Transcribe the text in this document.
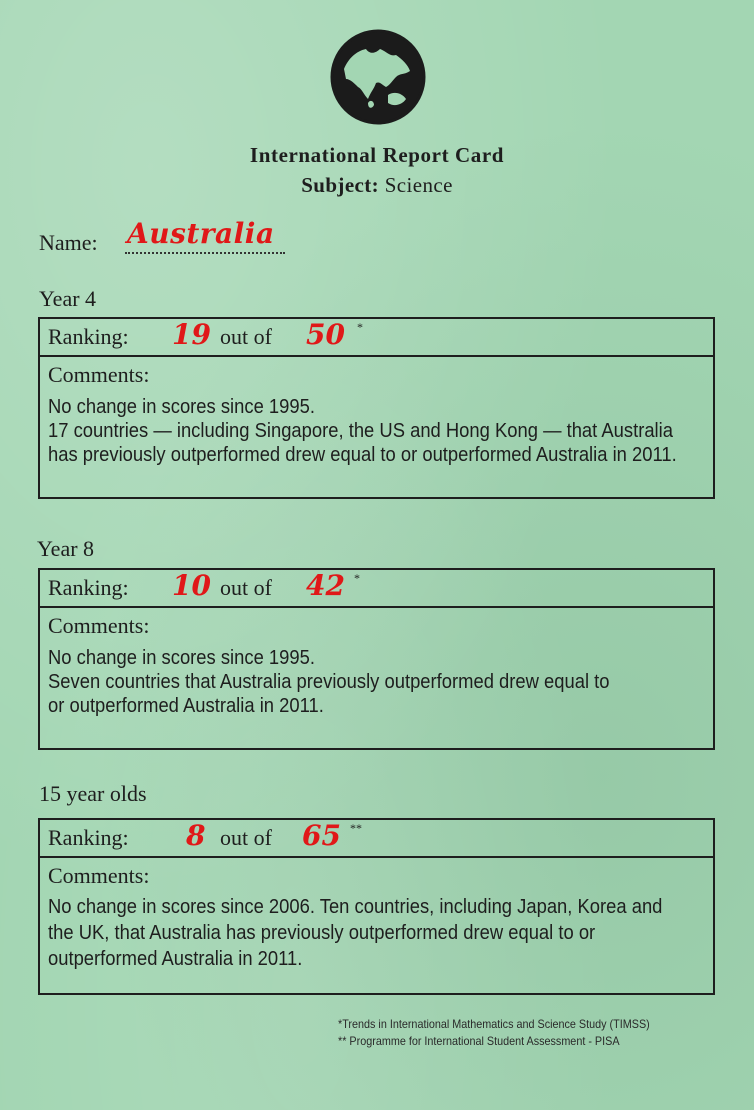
International Report Card
Subject: Science
Name: Australia
Year 4
Ranking: 19 out of 50 *
Comments:

No change in scores since 1995.

17 countries — including Singapore, the US and Hong Kong — that Australia has previously outperformed drew equal to or outperformed Australia in 2011.

Year 8
Ranking: 10 out of 42 *
Comments:

No change in scores since 1995.

Seven countries that Australia previously outperformed drew equal to or outperformed Australia in 2011.

15 year olds
Ranking: 8 out of 65 **
Comments:

No change in scores since 2006. Ten countries, including Japan, Korea and the UK, that Australia has previously outperformed drew equal to or outperformed Australia in 2011.

*Trends in International Mathematics and Science Study (TIMSS)
** Programme for International Student Assessment - PISA
